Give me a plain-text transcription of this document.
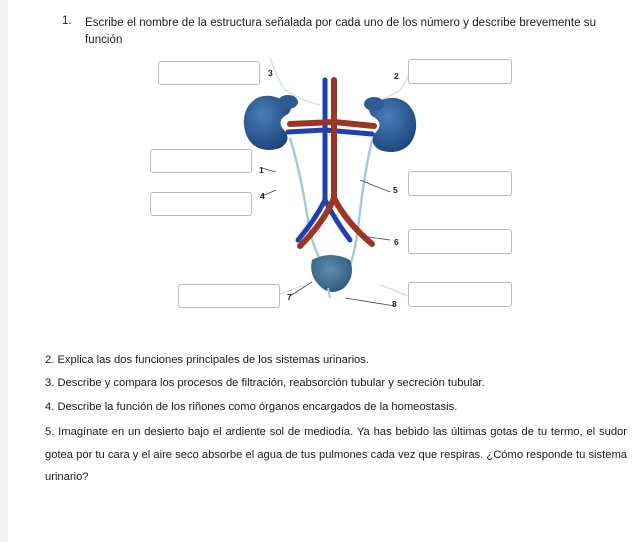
1. Escribe el nombre de la estructura señalada por cada uno de los número y describe brevemente su función
3	2
1
4
5
6
7
8
2. Explica las dos funciones principales de los sistemas urinarios.
3. Describe y compara los procesos de filtración, reabsorción tubular y secreción tubular.
4. Describe la función de los riñones como órganos encargados de la homeostasis.
5. Imagínate en un desierto bajo el ardiente sol de mediodía. Ya has bebido las últimas gotas de tu termo, el sudor gotea por tu cara y el aire seco absorbe el agua de tus pulmones cada vez que respiras. ¿Cómo responde tu sistema urinario?
